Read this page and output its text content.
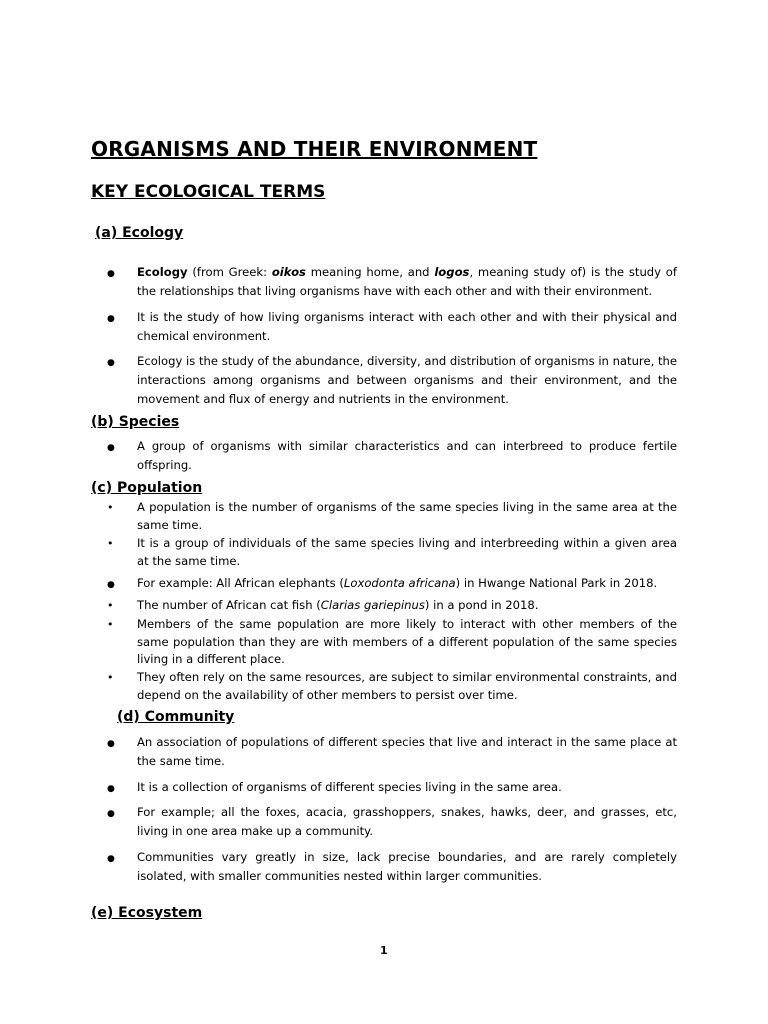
ORGANISMS AND THEIR ENVIRONMENT
KEY ECOLOGICAL TERMS
(a) Ecology
●
Ecology (from Greek: oikos meaning home, and logos, meaning study of) is the study of the relationships that living organisms have with each other and with their environment.
●
It is the study of how living organisms interact with each other and with their physical and chemical environment.
●
Ecology is the study of the abundance, diversity, and distribution of organisms in nature, the interactions among organisms and between organisms and their environment, and the movement and flux of energy and nutrients in the environment.
(b) Species
●
A group of organisms with similar characteristics and can interbreed to produce fertile offspring.
(c) Population
•
A population is the number of organisms of the same species living in the same area at the same time.
•
It is a group of individuals of the same species living and interbreeding within a given area at the same time.
●
For example: All African elephants (Loxodonta africana) in Hwange National Park in 2018.
•
The number of African cat fish (Clarias gariepinus) in a pond in 2018.
•
Members of the same population are more likely to interact with other members of the same population than they are with members of a different population of the same species living in a different place.
•
They often rely on the same resources, are subject to similar environmental constraints, and depend on the availability of other members to persist over time.
(d) Community
●
An association of populations of different species that live and interact in the same place at the same time.
●
It is a collection of organisms of different species living in the same area.
●
For example; all the foxes, acacia, grasshoppers, snakes, hawks, deer, and grasses, etc, living in one area make up a community.
●
Communities vary greatly in size, lack precise boundaries, and are rarely completely isolated, with smaller communities nested within larger communities.
(e) Ecosystem
1
